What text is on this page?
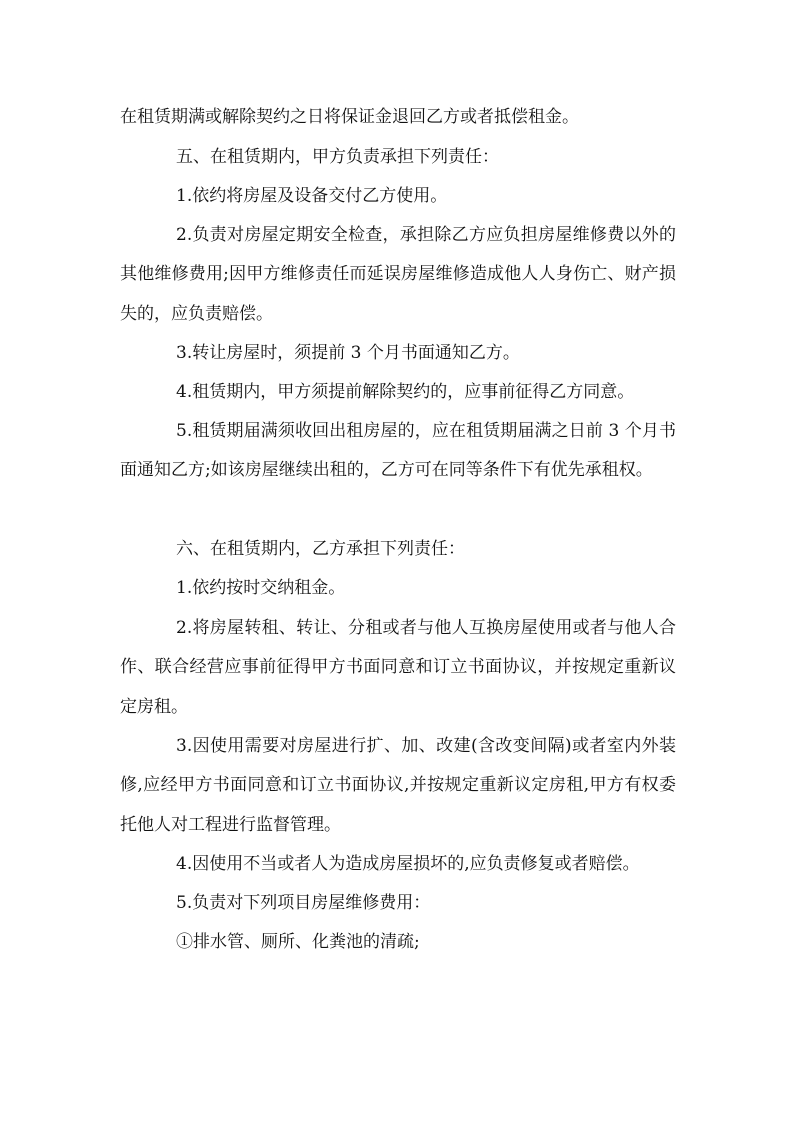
在租赁期满或解除契约之日将保证金退回乙方或者抵偿租金。

五、在租赁期内，甲方负责承担下列责任：

1.依约将房屋及设备交付乙方使用。

2.负责对房屋定期安全检查，承担除乙方应负担房屋维修费以外的其他维修费用;因甲方维修责任而延误房屋维修造成他人人身伤亡、财产损失的，应负责赔偿。

3.转让房屋时，须提前 3 个月书面通知乙方。

4.租赁期内，甲方须提前解除契约的，应事前征得乙方同意。

5.租赁期届满须收回出租房屋的，应在租赁期届满之日前 3 个月书面通知乙方;如该房屋继续出租的，乙方可在同等条件下有优先承租权。

六、在租赁期内，乙方承担下列责任：

1.依约按时交纳租金。

2.将房屋转租、转让、分租或者与他人互换房屋使用或者与他人合作、联合经营应事前征得甲方书面同意和订立书面协议，并按规定重新议定房租。

3.因使用需要对房屋进行扩、加、改建(含改变间隔)或者室内外装修,应经甲方书面同意和订立书面协议,并按规定重新议定房租,甲方有权委托他人对工程进行监督管理。

4.因使用不当或者人为造成房屋损坏的,应负责修复或者赔偿。

5.负责对下列项目房屋维修费用：

①排水管、厕所、化粪池的清疏;
